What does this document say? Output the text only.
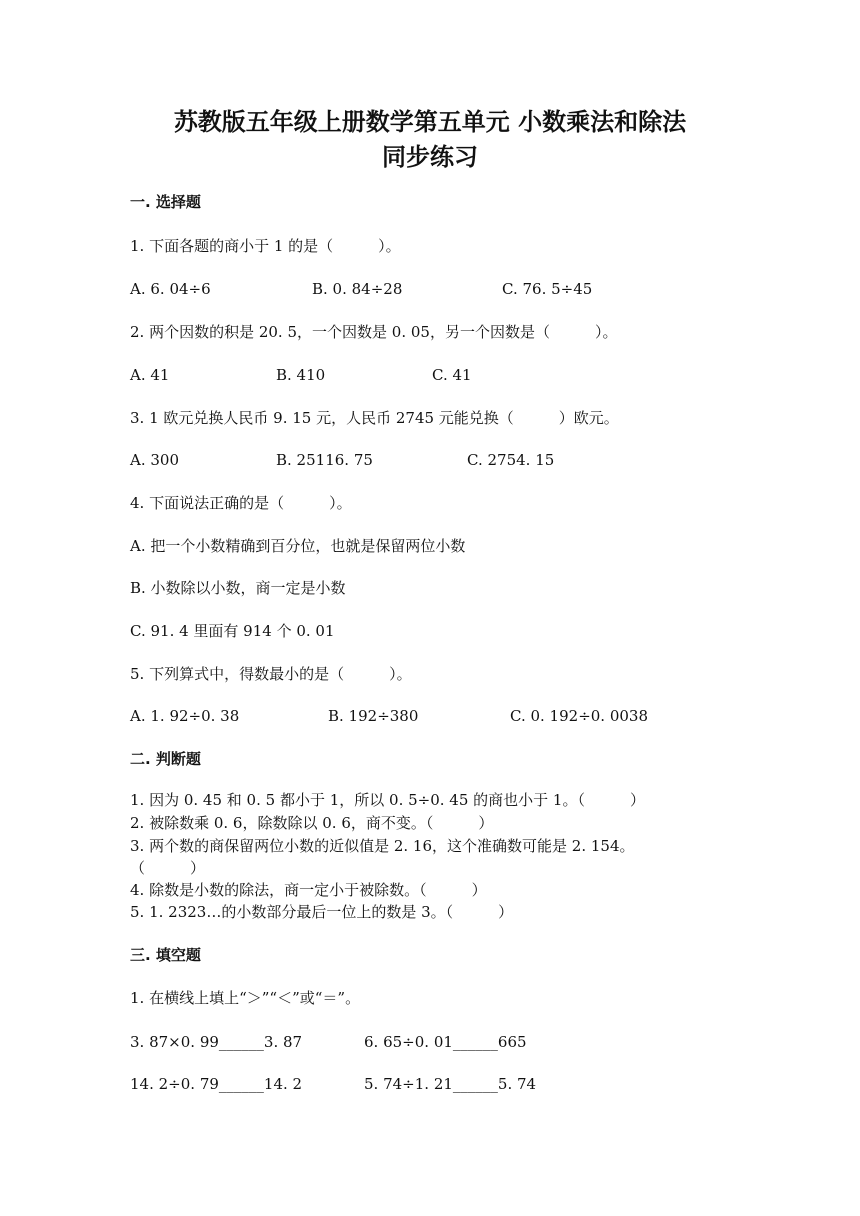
苏教版五年级上册数学第五单元 小数乘法和除法
同步练习
一. 选择题
1. 下面各题的商小于 1 的是（　　　）。
A. 6. 04÷6	B. 0. 84÷28	C. 76. 5÷45
2. 两个因数的积是 20. 5，一个因数是 0. 05，另一个因数是（　　　）。
A. 41	B. 410	C. 41
3. 1 欧元兑换人民币 9. 15 元，人民币 2745 元能兑换（　　　）欧元。
A. 300	B. 25116. 75	C. 2754. 15
4. 下面说法正确的是（　　　）。
A. 把一个小数精确到百分位，也就是保留两位小数
B. 小数除以小数，商一定是小数
C. 91. 4 里面有 914 个 0. 01
5. 下列算式中，得数最小的是（　　　）。
A. 1. 92÷0. 38	B. 192÷380	C. 0. 192÷0. 0038
二. 判断题
1. 因为 0. 45 和 0. 5 都小于 1，所以 0. 5÷0. 45 的商也小于 1。（　　　）
2. 被除数乘 0. 6，除数除以 0. 6，商不变。（　　　）
3. 两个数的商保留两位小数的近似值是 2. 16，这个准确数可能是 2. 154。
（　　　）
4. 除数是小数的除法，商一定小于被除数。（　　　）
5. 1. 2323…的小数部分最后一位上的数是 3。（　　　）
三. 填空题
1. 在横线上填上“＞”“＜”或“＝”。
3. 87×0. 99______3. 87	6. 65÷0. 01______665
14. 2÷0. 79______14. 2	5. 74÷1. 21______5. 74
